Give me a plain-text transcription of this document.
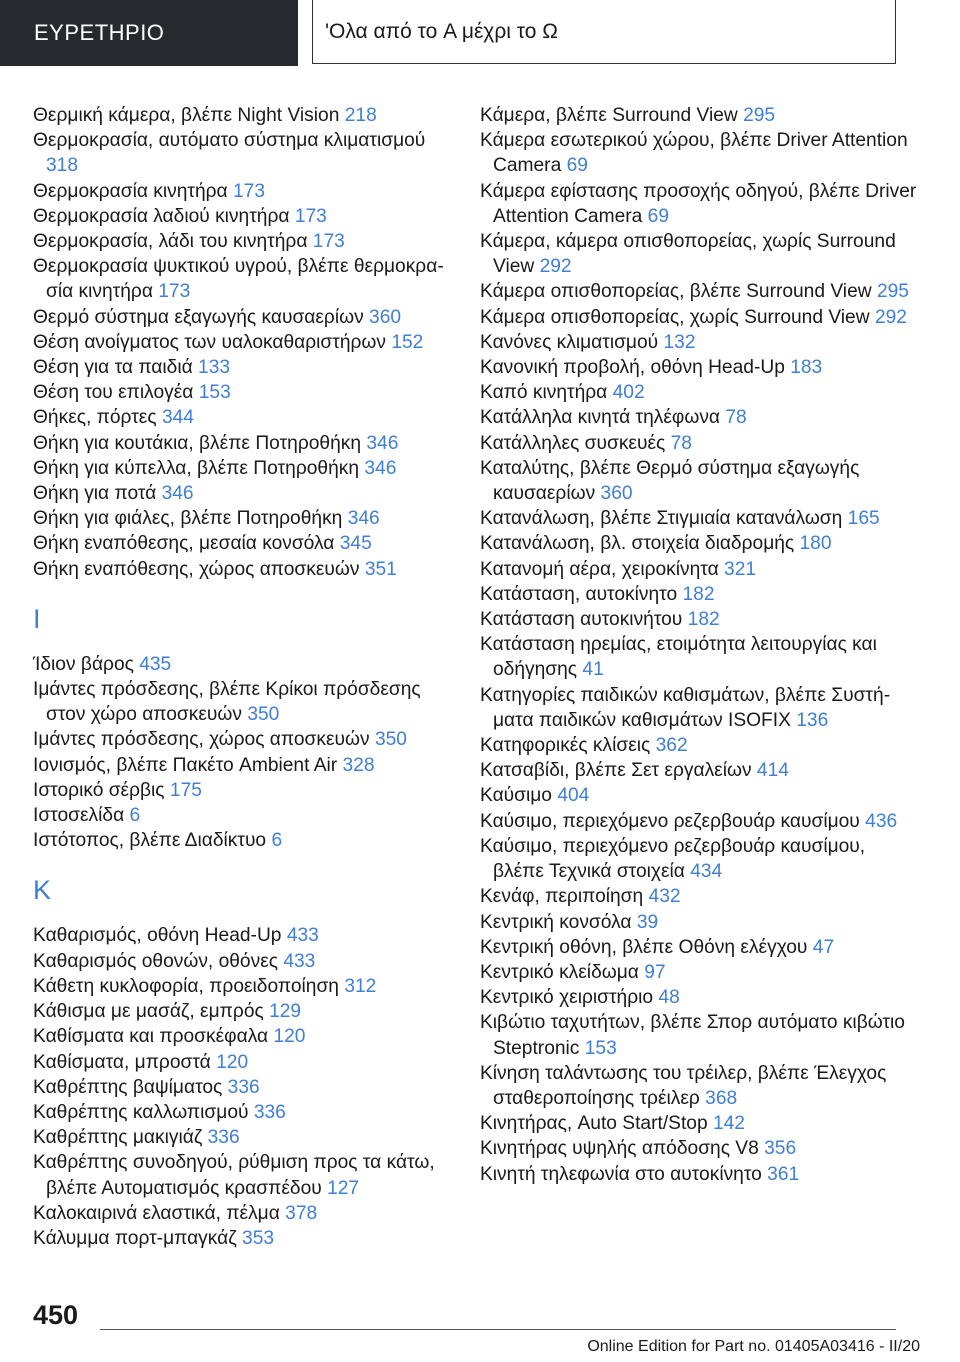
ΕΥΡΕΤΗΡΙΟ	'Ολα από το A μέχρι το Ω
Θερμική κάμερα, βλέπε Night Vision 218
Θερμοκρασία, αυτόματο σύστημα κλιματισμού 318
Θερμοκρασία κινητήρα 173
Θερμοκρασία λαδιού κινητήρα 173
Θερμοκρασία, λάδι του κινητήρα 173
Θερμοκρασία ψυκτικού υγρού, βλέπε θερμοκρασία κινητήρα 173
Θερμό σύστημα εξαγωγής καυσαερίων 360
Θέση ανοίγματος των υαλοκαθαριστήρων 152
Θέση για τα παιδιά 133
Θέση του επιλογέα 153
Θήκες, πόρτες 344
Θήκη για κουτάκια, βλέπε Ποτηροθήκη 346
Θήκη για κύπελλα, βλέπε Ποτηροθήκη 346
Θήκη για ποτά 346
Θήκη για φιάλες, βλέπε Ποτηροθήκη 346
Θήκη εναπόθεσης, μεσαία κονσόλα 345
Θήκη εναπόθεσης, χώρος αποσκευών 351
Ι
Ίδιον βάρος 435
Ιμάντες πρόσδεσης, βλέπε Κρίκοι πρόσδεσης στον χώρο αποσκευών 350
Ιμάντες πρόσδεσης, χώρος αποσκευών 350
Ιονισμός, βλέπε Πακέτο Ambient Air 328
Ιστορικό σέρβις 175
Ιστοσελίδα 6
Ιστότοπος, βλέπε Διαδίκτυο 6
Κ
Καθαρισμός, οθόνη Head-Up 433
Καθαρισμός οθονών, οθόνες 433
Κάθετη κυκλοφορία, προειδοποίηση 312
Κάθισμα με μασάζ, εμπρός 129
Καθίσματα και προσκέφαλα 120
Καθίσματα, μπροστά 120
Καθρέπτης βαψίματος 336
Καθρέπτης καλλωπισμού 336
Καθρέπτης μακιγιάζ 336
Καθρέπτης συνοδηγού, ρύθμιση προς τα κάτω, βλέπε Αυτοματισμός κρασπέδου 127
Καλοκαιρινά ελαστικά, πέλμα 378
Κάλυμμα πορτ-μπαγκάζ 353
Κάμερα, βλέπε Surround View 295
Κάμερα εσωτερικού χώρου, βλέπε Driver Attention Camera 69
Κάμερα εφίστασης προσοχής οδηγού, βλέπε Driver Attention Camera 69
Κάμερα, κάμερα οπισθοπορείας, χωρίς Surround View 292
Κάμερα οπισθοπορείας, βλέπε Surround View 295
Κάμερα οπισθοπορείας, χωρίς Surround View 292
Κανόνες κλιματισμού 132
Κανονική προβολή, οθόνη Head-Up 183
Καπό κινητήρα 402
Κατάλληλα κινητά τηλέφωνα 78
Κατάλληλες συσκευές 78
Καταλύτης, βλέπε Θερμό σύστημα εξαγωγής καυσαερίων 360
Κατανάλωση, βλέπε Στιγμιαία κατανάλωση 165
Κατανάλωση, βλ. στοιχεία διαδρομής 180
Κατανομή αέρα, χειροκίνητα 321
Κατάσταση, αυτοκίνητο 182
Κατάσταση αυτοκινήτου 182
Κατάσταση ηρεμίας, ετοιμότητα λειτουργίας και οδήγησης 41
Κατηγορίες παιδικών καθισμάτων, βλέπε Συστήματα παιδικών καθισμάτων ISOFIX 136
Κατηφορικές κλίσεις 362
Κατσαβίδι, βλέπε Σετ εργαλείων 414
Καύσιμο 404
Καύσιμο, περιεχόμενο ρεζερβουάρ καυσίμου 436
Καύσιμο, περιεχόμενο ρεζερβουάρ καυσίμου, βλέπε Τεχνικά στοιχεία 434
Κενάφ, περιποίηση 432
Κεντρική κονσόλα 39
Κεντρική οθόνη, βλέπε Οθόνη ελέγχου 47
Κεντρικό κλείδωμα 97
Κεντρικό χειριστήριο 48
Κιβώτιο ταχυτήτων, βλέπε Σπορ αυτόματο κιβώτιο Steptronic 153
Κίνηση ταλάντωσης του τρέιλερ, βλέπε Έλεγχος σταθεροποίησης τρέιλερ 368
Κινητήρας, Auto Start/Stop 142
Κινητήρας υψηλής απόδοσης V8 356
Κινητή τηλεφωνία στο αυτοκίνητο 361
450
Online Edition for Part no. 01405A03416 - II/20
